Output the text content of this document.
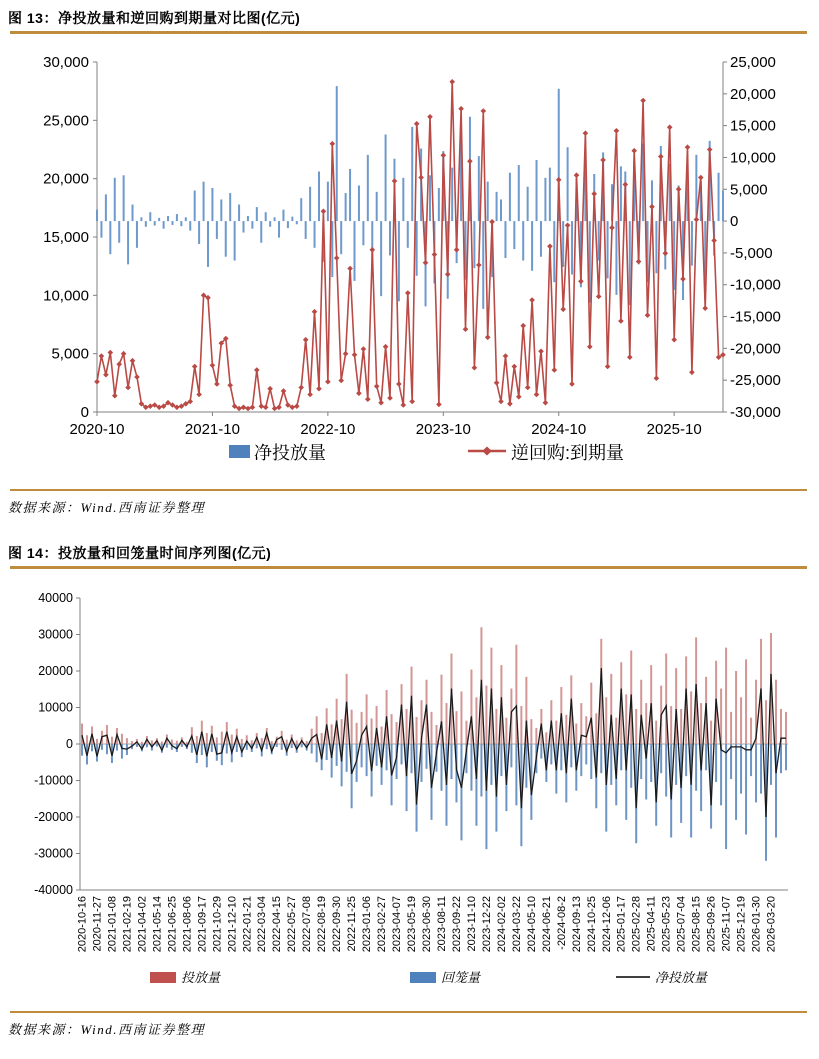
图 13：净投放量和逆回购到期量对比图(亿元)
30,000
25,000
20,000
15,000
10,000
5,000
0
25,000
20,000
15,000
10,000
5,000
0
-5,000
-10,000
-15,000
-20,000
-25,000
-30,000
2020-10	2021-10	2022-10	2023-10	2024-10	2025-10
净投放量	逆回购:到期量
数据来源：Wind.西南证券整理
图 14：投放量和回笼量时间序列图(亿元)
40000
30000
20000
10000
0
-10000
-20000
-30000
-40000
2020-10-16 2020-11-27 2021-01-08 2021-02-19 2021-04-02 2021-05-14 2021-06-25 2021-08-06 2021-09-17 2021-10-29 2021-12-10 2022-01-21 2022-03-04 2022-04-15 2022-05-27 2022-07-08 2022-08-19 2022-09-30 2022-11-25 2023-01-06 2023-02-27 2023-04-07 2023-05-19 2023-06-30 2023-08-11 2023-09-22 2023-11-10 2023-12-22 2024-02-02 2024-03-22 2024-05-10 2024-06-21 -2024-08-2 2024-09-13 2024-10-25 2024-12-06 2025-01-17 2025-02-28 2025-04-11 2025-05-23 2025-07-04 2025-08-15 2025-09-26 2025-11-07 2025-12-19 2026-01-30 2026-03-20
投放量	回笼量	净投放量
数据来源：Wind.西南证券整理
